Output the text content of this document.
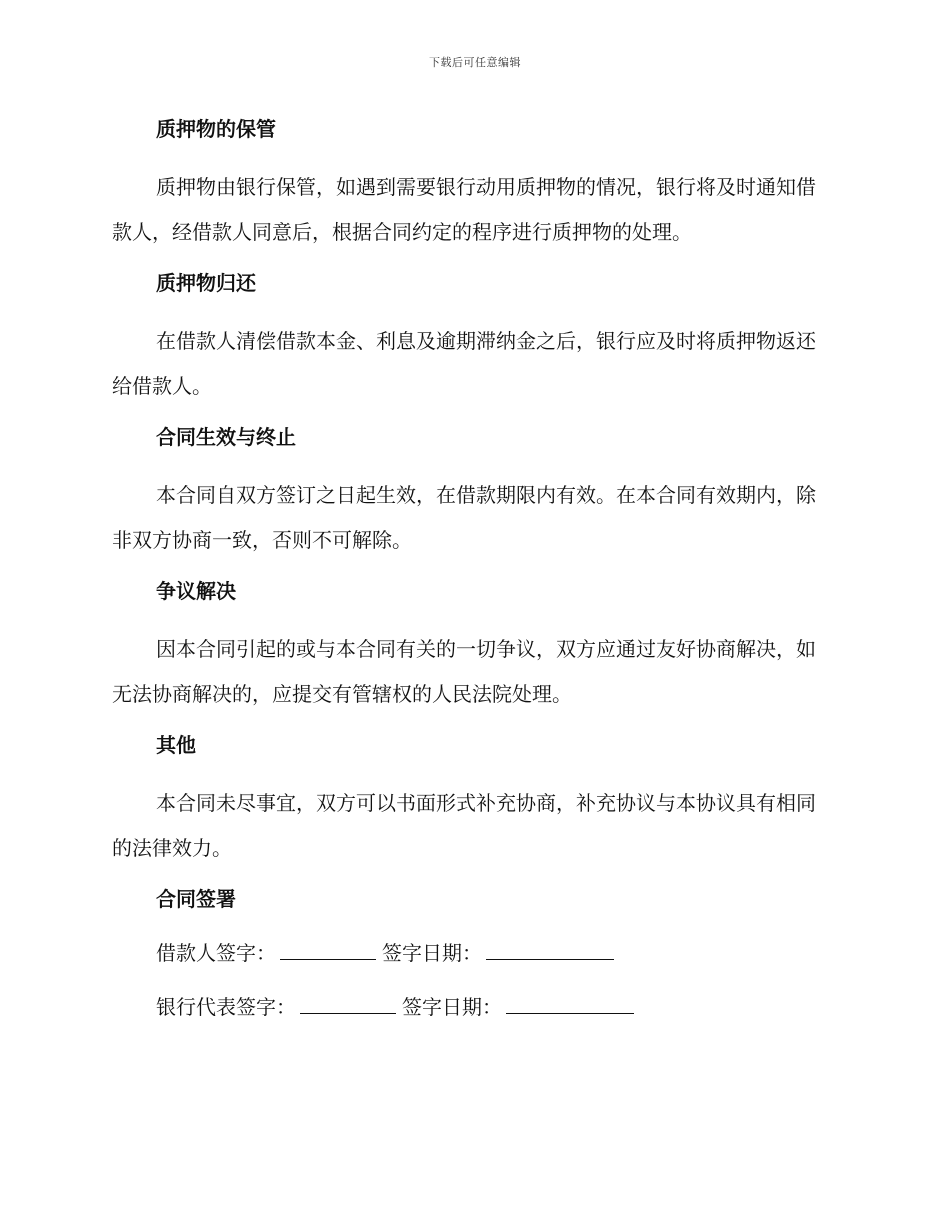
下载后可任意编辑
质押物的保管

质押物由银行保管，如遇到需要银行动用质押物的情况，银行将及时通知借款人，经借款人同意后，根据合同约定的程序进行质押物的处理。

质押物归还

在借款人清偿借款本金、利息及逾期滞纳金之后，银行应及时将质押物返还给借款人。

合同生效与终止

本合同自双方签订之日起生效，在借款期限内有效。在本合同有效期内，除非双方协商一致，否则不可解除。

争议解决

因本合同引起的或与本合同有关的一切争议，双方应通过友好协商解决，如无法协商解决的，应提交有管辖权的人民法院处理。

其他

本合同未尽事宜，双方可以书面形式补充协商，补充协议与本协议具有相同的法律效力。

合同签署
借款人签字：	签字日期：
银行代表签字：	签字日期：
